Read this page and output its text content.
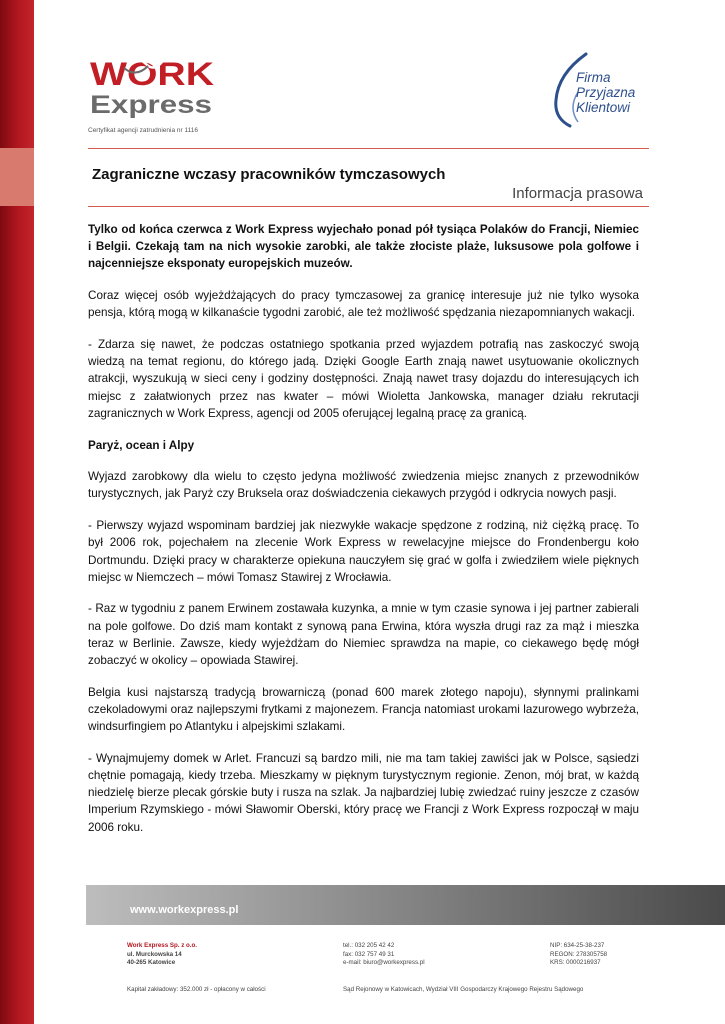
WORK
Express
Certyfikat agencji zatrudnienia nr 1116
Firma
Przyjazna
Klientowi
Zagraniczne wczasy pracowników tymczasowych
Informacja prasowa

Tylko od końca czerwca z Work Express wyjechało ponad pół tysiąca Polaków do Francji, Niemiec i Belgii. Czekają tam na nich wysokie zarobki, ale także złociste plaże, luksusowe pola golfowe i najcenniejsze eksponaty europejskich muzeów.

Coraz więcej osób wyjeżdżających do pracy tymczasowej za granicę interesuje już nie tylko wysoka pensja, którą mogą w kilkanaście tygodni zarobić, ale też możliwość spędzania niezapomnianych wakacji.

- Zdarza się nawet, że podczas ostatniego spotkania przed wyjazdem potrafią nas zaskoczyć swoją wiedzą na temat regionu, do którego jadą. Dzięki Google Earth znają nawet usytuowanie okolicznych atrakcji, wyszukują w sieci ceny i godziny dostępności. Znają nawet trasy dojazdu do interesujących ich miejsc z załatwionych przez nas kwater – mówi Wioletta Jankowska, manager działu rekrutacji zagranicznych w Work Express, agencji od 2005 oferującej legalną pracę za granicą.

Paryż, ocean i Alpy

Wyjazd zarobkowy dla wielu to często jedyna możliwość zwiedzenia miejsc znanych z przewodników turystycznych, jak Paryż czy Bruksela oraz doświadczenia ciekawych przygód i odkrycia nowych pasji.

- Pierwszy wyjazd wspominam bardziej jak niezwykłe wakacje spędzone z rodziną, niż ciężką pracę. To był 2006 rok, pojechałem na zlecenie Work Express w rewelacyjne miejsce do Frondenbergu koło Dortmundu. Dzięki pracy w charakterze opiekuna nauczyłem się grać w golfa i zwiedziłem wiele pięknych miejsc w Niemczech – mówi Tomasz Stawirej z Wrocławia.

- Raz w tygodniu z panem Erwinem zostawała kuzynka, a mnie w tym czasie synowa i jej partner zabierali na pole golfowe. Do dziś mam kontakt z synową pana Erwina, która wyszła drugi raz za mąż i mieszka teraz w Berlinie. Zawsze, kiedy wyjeżdżam do Niemiec sprawdza na mapie, co ciekawego będę mógł zobaczyć w okolicy – opowiada Stawirej.

Belgia kusi najstarszą tradycją browarniczą (ponad 600 marek złotego napoju), słynnymi pralinkami czekoladowymi oraz najlepszymi frytkami z majonezem. Francja natomiast urokami lazurowego wybrzeża, windsurfingiem po Atlantyku i alpejskimi szlakami.

- Wynajmujemy domek w Arlet. Francuzi są bardzo mili, nie ma tam takiej zawiści jak w Polsce, sąsiedzi chętnie pomagają, kiedy trzeba. Mieszkamy w pięknym turystycznym regionie. Zenon, mój brat, w każdą niedzielę bierze plecak górskie buty i rusza na szlak. Ja najbardziej lubię zwiedzać ruiny jeszcze z czasów Imperium Rzymskiego - mówi Sławomir Oberski, który pracę we Francji z Work Express rozpoczął w maju 2006 roku.

www.workexpress.pl
Work Express Sp. z o.o.
ul. Murckowska 14
40-265 Katowice
tel.: 032 205 42 42
fax: 032 757 49 31
e-mail: biuro@workexpress.pl
NIP: 634-25-38-237
REGON: 278305758
KRS: 0000216937
Kapitał zakładowy: 352.000 zł - opłacony w całości	Sąd Rejonowy w Katowicach, Wydział VIII Gospodarczy Krajowego Rejestru Sądowego
